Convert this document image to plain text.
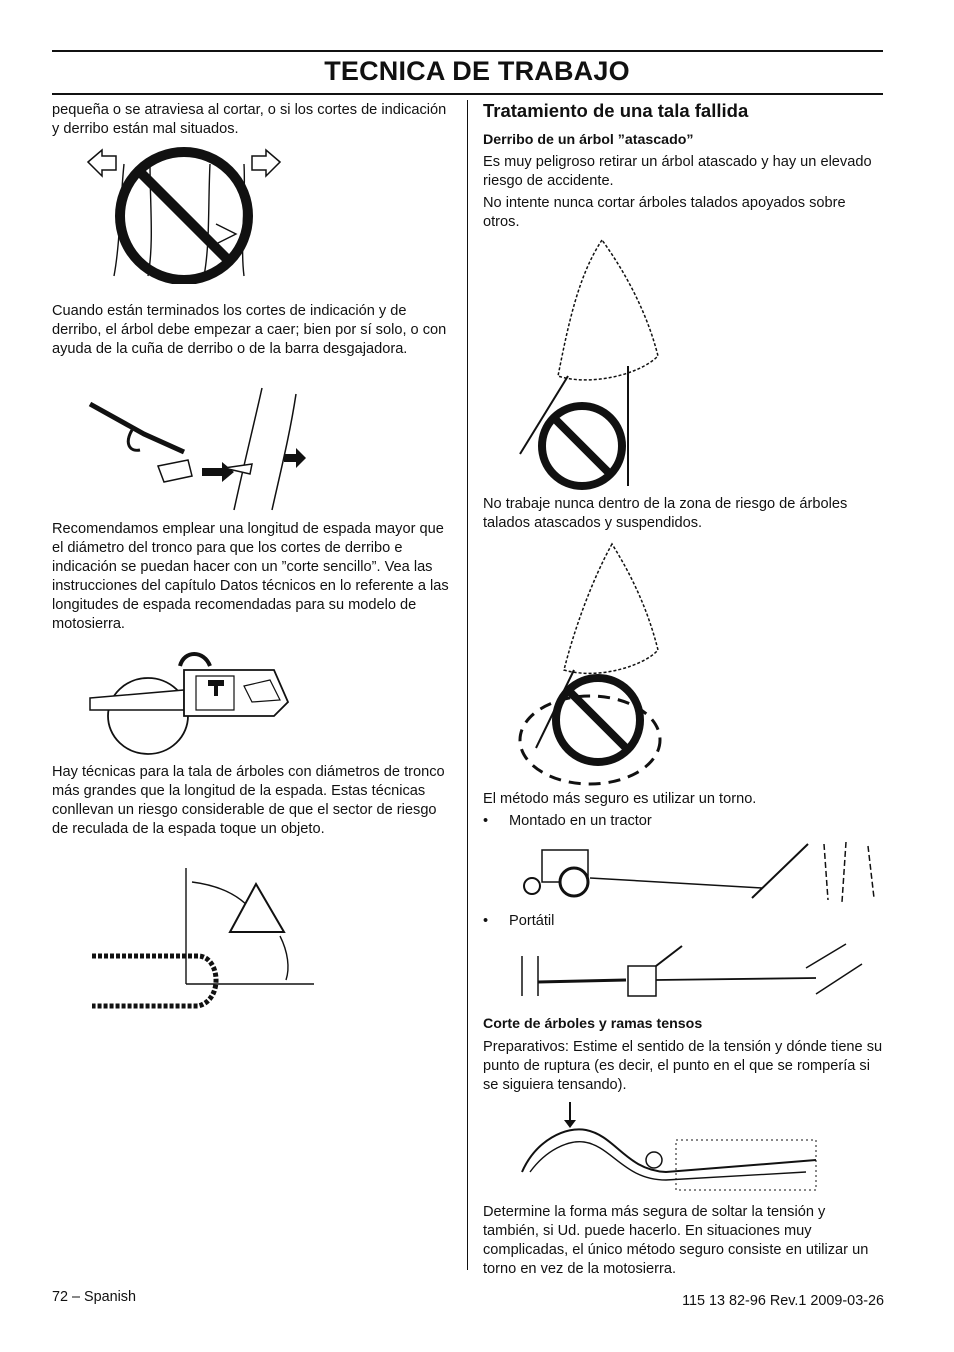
TECNICA DE TRABAJO

pequeña o se atraviesa al cortar, o si los cortes de indicación y derribo están mal situados.

Cuando están terminados los cortes de indicación y de derribo, el árbol debe empezar a caer; bien por sí solo, o con ayuda de la cuña de derribo o de la barra desgajadora.

Recomendamos emplear una longitud de espada mayor que el diámetro del tronco para que los cortes de derribo e indicación se puedan hacer con un ”corte sencillo”. Vea las instrucciones del capítulo Datos técnicos en lo referente a las longitudes de espada recomendadas para su modelo de motosierra.

Hay técnicas para la tala de árboles con diámetros de tronco más grandes que la longitud de la espada. Estas técnicas conllevan un riesgo considerable de que el sector de riesgo de reculada de la espada toque un objeto.

Tratamiento de una tala fallida
Derribo de un árbol ”atascado”

Es muy peligroso retirar un árbol atascado y hay un elevado riesgo de accidente.

No intente nunca cortar árboles talados apoyados sobre otros.

No trabaje nunca dentro de la zona de riesgo de árboles talados atascados y suspendidos.

El método más seguro es utilizar un torno.

• Montado en un tractor
• Portátil
Corte de árboles y ramas tensos

Preparativos: Estime el sentido de la tensión y dónde tiene su punto de ruptura (es decir, el punto en el que se rompería si se siguiera tensando).

Determine la forma más segura de soltar la tensión y también, si Ud. puede hacerlo. En situaciones muy complicadas, el único método seguro consiste en utilizar un torno en vez de la motosierra.

72 – Spanish	115 13 82-96 Rev.1 2009-03-26
